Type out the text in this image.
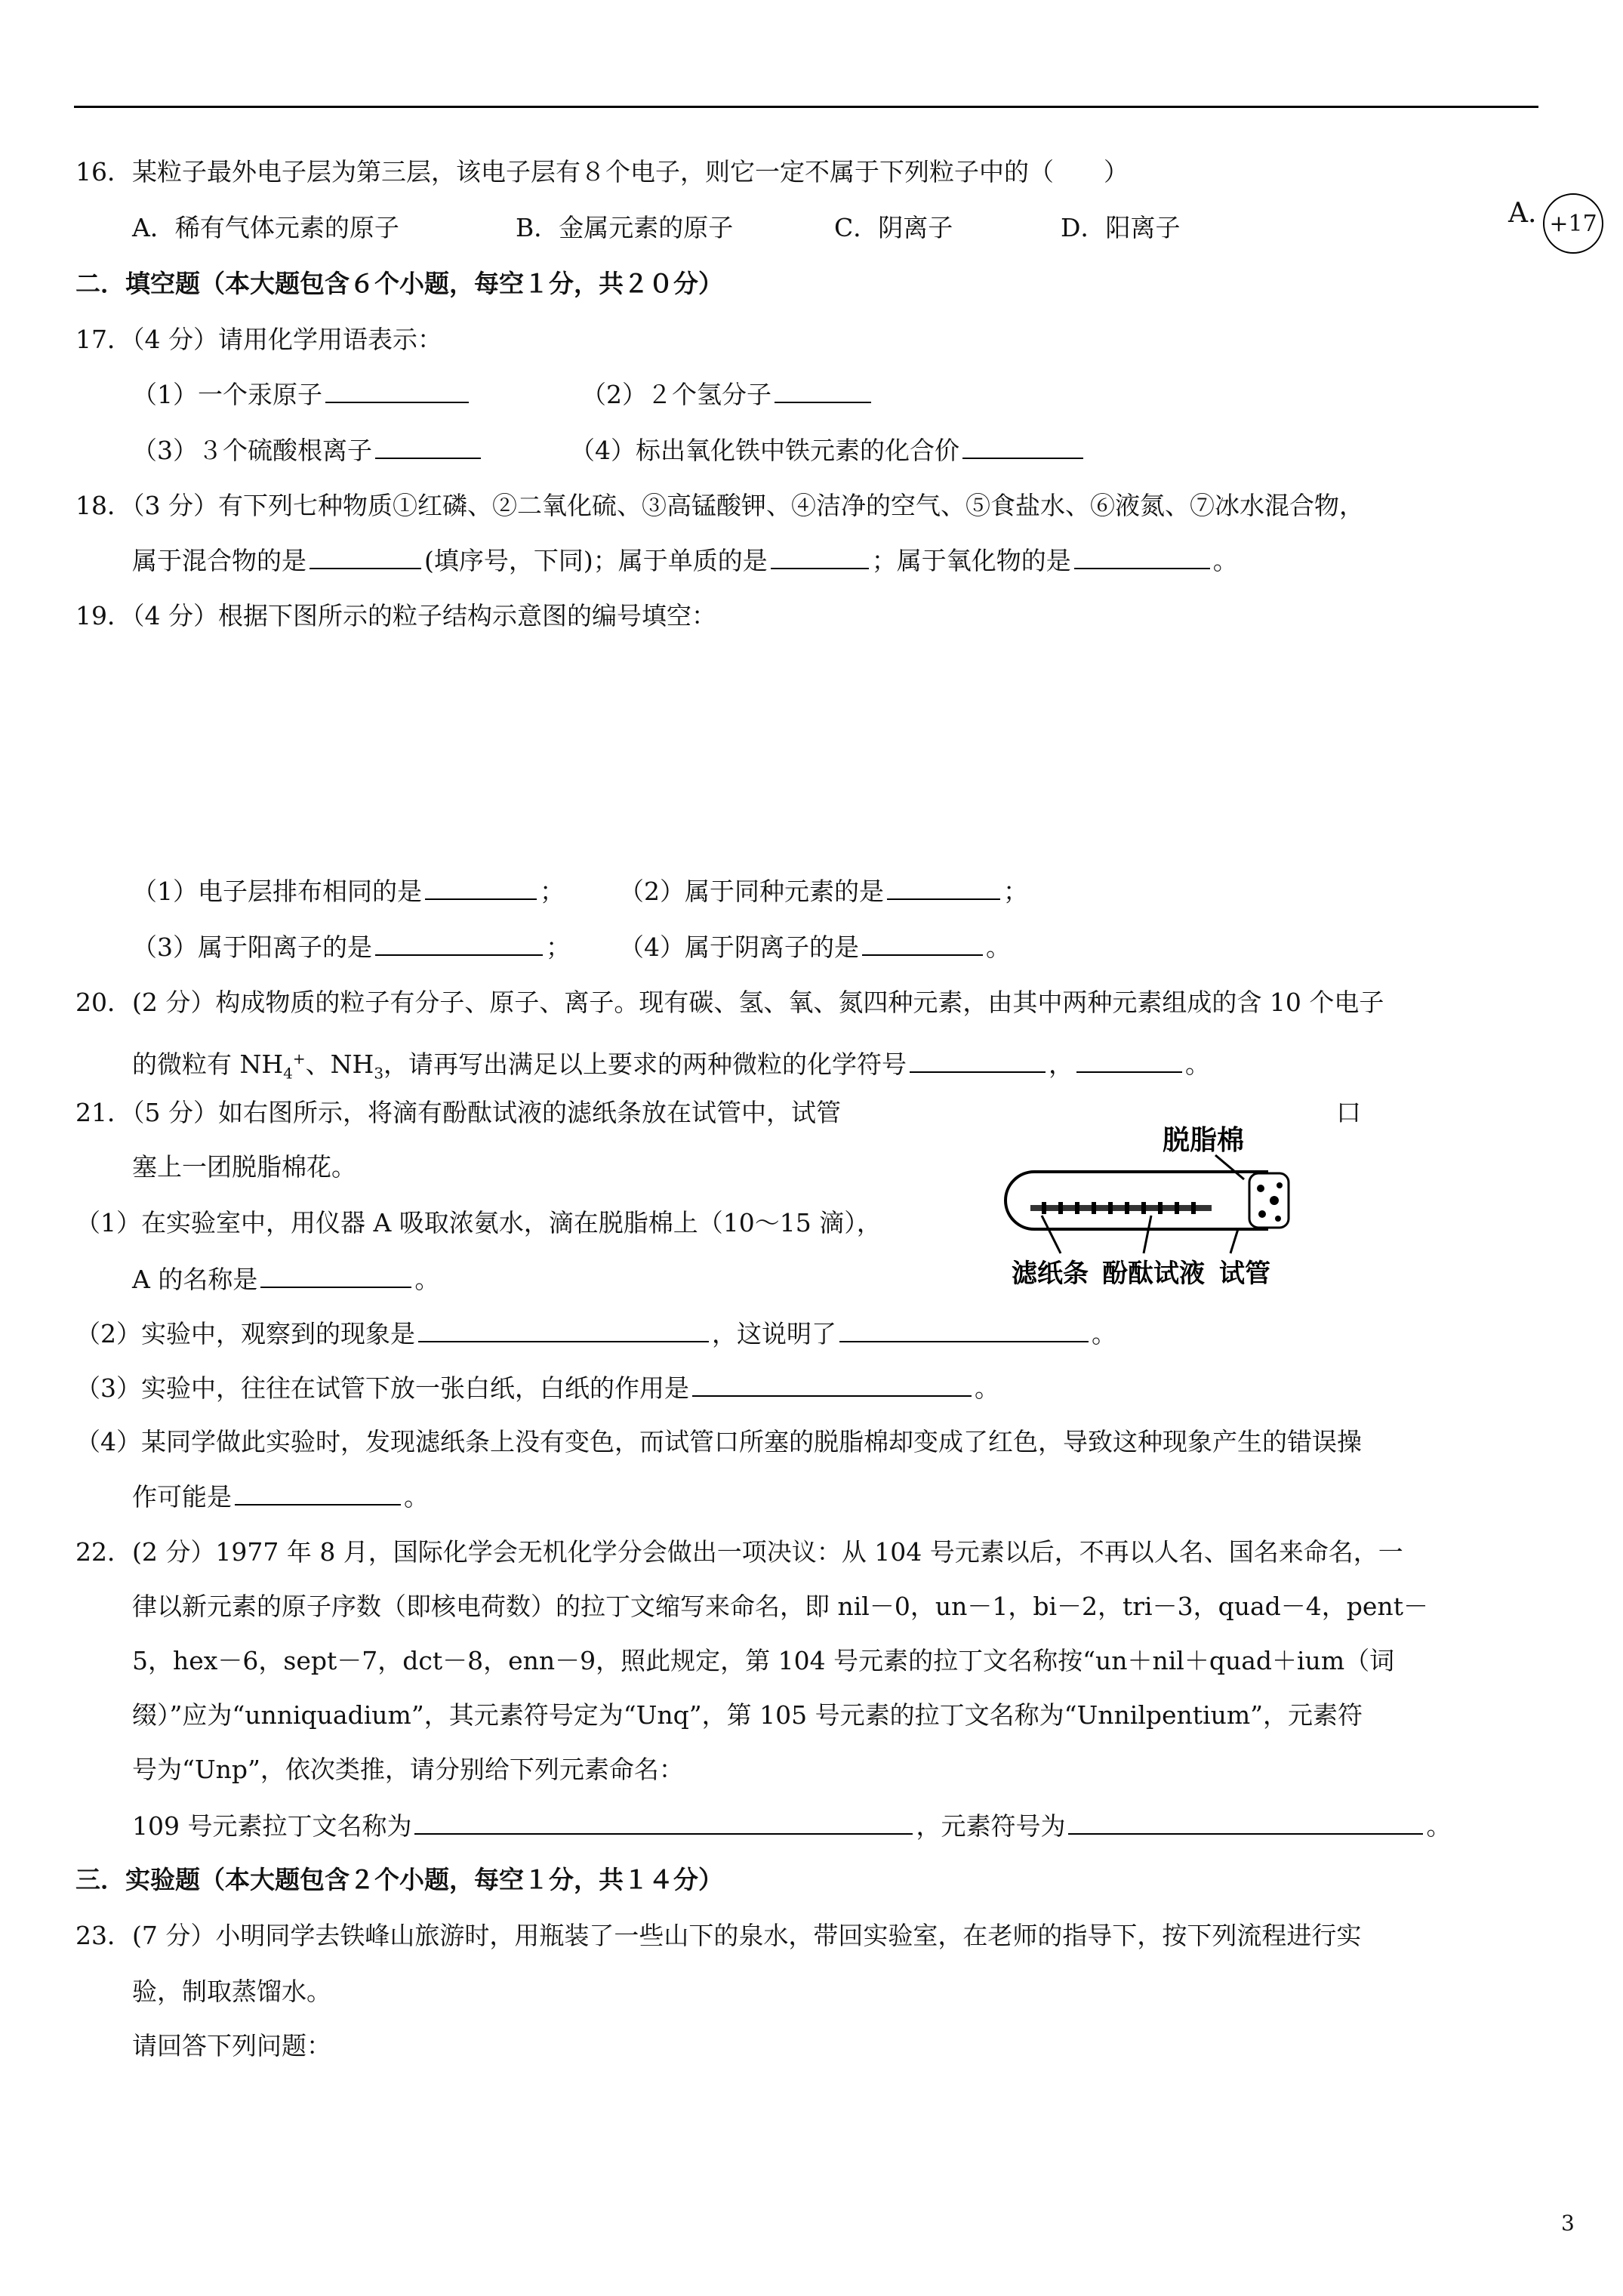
16．某粒子最外电子层为第三层，该电子层有８个电子，则它一定不属于下列粒子中的（　　）
A．稀有气体元素的原子	B．金属元素的原子	C．阴离子	D．阳离子	A. +17
二．填空题（本大题包含６个小题，每空１分，共２０分）
17．（4 分）请用化学用语表示：
（1）一个汞原子	（2）２个氢分子
（3）３个硫酸根离子	（4）标出氧化铁中铁元素的化合价
18．（3 分）有下列七种物质①红磷、②二氧化硫、③高锰酸钾、④洁净的空气、⑤食盐水、⑥液氮、⑦冰水混合物，
属于混合物的是	(填序号，下同)；属于单质的是	；属于氧化物的是	。
19．（4 分）根据下图所示的粒子结构示意图的编号填空：
（1）电子层排布相同的是	； （2）属于同种元素的是	；
（3）属于阳离子的是	； （4）属于阴离子的是	。
20．(2 分）构成物质的粒子有分子、原子、离子。现有碳、氢、氧、氮四种元素，由其中两种元素组成的含 10 个电子
的微粒有 $NH_4^+$、$NH_3$，请再写出满足以上要求的两种微粒的化学符号	，	。
21．（5 分）如右图所示，将滴有酚酞试液的滤纸条放在试管中，试管	口
塞上一团脱脂棉花。
（1）在实验室中，用仪器 A 吸取浓氨水，滴在脱脂棉上（10～15 滴），
A 的名称是	。
（2）实验中，观察到的现象是	，这说明了	。
（3）实验中，往往在试管下放一张白纸，白纸的作用是	。
（4）某同学做此实验时，发现滤纸条上没有变色，而试管口所塞的脱脂棉却变成了红色，导致这种现象产生的错误操
作可能是	。
脱脂棉
滤纸条 酚酞试液 试管
22．(2 分）1977 年 8 月，国际化学会无机化学分会做出一项决议：从 104 号元素以后，不再以人名、国名来命名，一
律以新元素的原子序数（即核电荷数）的拉丁文缩写来命名，即 nil－0，un－1，bi－2，tri－3，quad－4，pent－
5，hex－6，sept－7，dct－8，enn－9，照此规定，第 104 号元素的拉丁文名称按“un＋nil＋quad＋ium（词
缀）”应为“unniquadium”，其元素符号定为“Unq”，第 105 号元素的拉丁文名称为“Unnilpentium”，元素符
号为“Unp”，依次类推，请分别给下列元素命名：
109 号元素拉丁文名称为	，元素符号为	。
三．实验题（本大题包含２个小题，每空１分，共１４分）
23．(7 分）小明同学去铁峰山旅游时，用瓶装了一些山下的泉水，带回实验室，在老师的指导下，按下列流程进行实
验，制取蒸馏水。
请回答下列问题：
3
